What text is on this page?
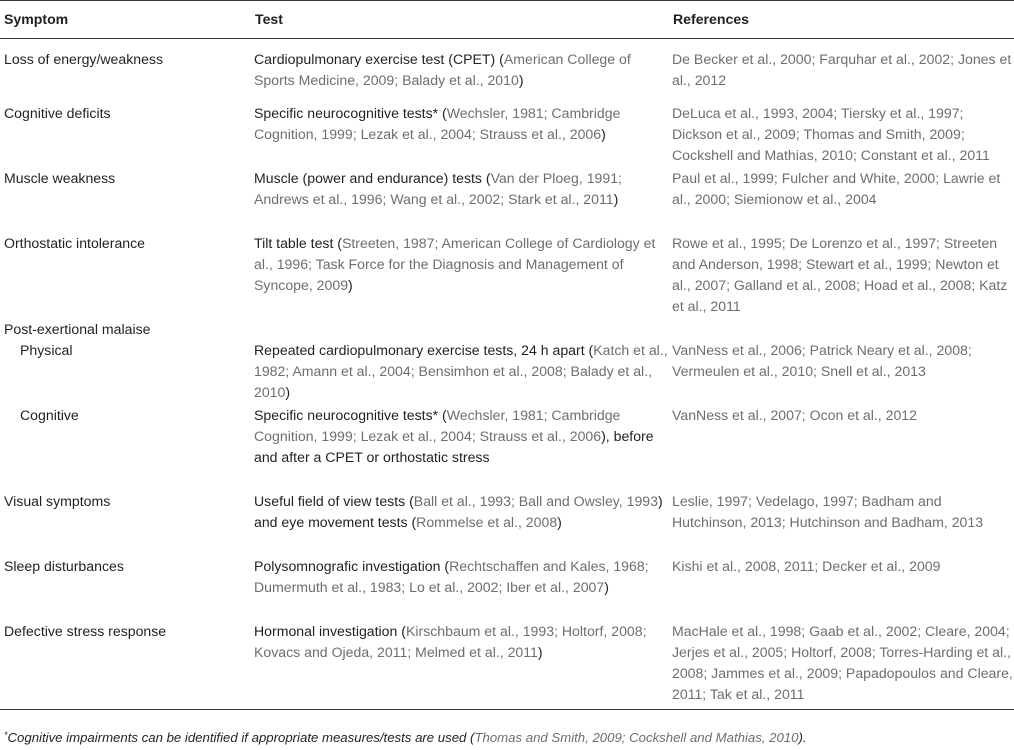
Symptom	Test	References
Loss of energy/weakness	Cardiopulmonary exercise test (CPET) (American College of Sports Medicine, 2009; Balady et al., 2010)	De Becker et al., 2000; Farquhar et al., 2002; Jones et al., 2012
Cognitive deficits	Specific neurocognitive tests* (Wechsler, 1981; Cambridge Cognition, 1999; Lezak et al., 2004; Strauss et al., 2006)	DeLuca et al., 1993, 2004; Tiersky et al., 1997; Dickson et al., 2009; Thomas and Smith, 2009; Cockshell and Mathias, 2010; Constant et al., 2011
Muscle weakness	Muscle (power and endurance) tests (Van der Ploeg, 1991; Andrews et al., 1996; Wang et al., 2002; Stark et al., 2011)	Paul et al., 1999; Fulcher and White, 2000; Lawrie et al., 2000; Siemionow et al., 2004
Orthostatic intolerance	Tilt table test (Streeten, 1987; American College of Cardiology et al., 1996; Task Force for the Diagnosis and Management of Syncope, 2009)	Rowe et al., 1995; De Lorenzo et al., 1997; Streeten and Anderson, 1998; Stewart et al., 1999; Newton et al., 2007; Galland et al., 2008; Hoad et al., 2008; Katz et al., 2011
Post-exertional malaise		
Physical	Repeated cardiopulmonary exercise tests, 24 h apart (Katch et al., 1982; Amann et al., 2004; Bensimhon et al., 2008; Balady et al., 2010)	VanNess et al., 2006; Patrick Neary et al., 2008; Vermeulen et al., 2010; Snell et al., 2013
Cognitive	Specific neurocognitive tests* (Wechsler, 1981; Cambridge Cognition, 1999; Lezak et al., 2004; Strauss et al., 2006), before and after a CPET or orthostatic stress	VanNess et al., 2007; Ocon et al., 2012
Visual symptoms	Useful field of view tests (Ball et al., 1993; Ball and Owsley, 1993) and eye movement tests (Rommelse et al., 2008)	Leslie, 1997; Vedelago, 1997; Badham and Hutchinson, 2013; Hutchinson and Badham, 2013
Sleep disturbances	Polysomnografic investigation (Rechtschaffen and Kales, 1968; Dumermuth et al., 1983; Lo et al., 2002; Iber et al., 2007)	Kishi et al., 2008, 2011; Decker et al., 2009
Defective stress response	Hormonal investigation (Kirschbaum et al., 1993; Holtorf, 2008; Kovacs and Ojeda, 2011; Melmed et al., 2011)	MacHale et al., 1998; Gaab et al., 2002; Cleare, 2004; Jerjes et al., 2005; Holtorf, 2008; Torres-Harding et al., 2008; Jammes et al., 2009; Papadopoulos and Cleare, 2011; Tak et al., 2011
*Cognitive impairments can be identified if appropriate measures/tests are used (Thomas and Smith, 2009; Cockshell and Mathias, 2010).
